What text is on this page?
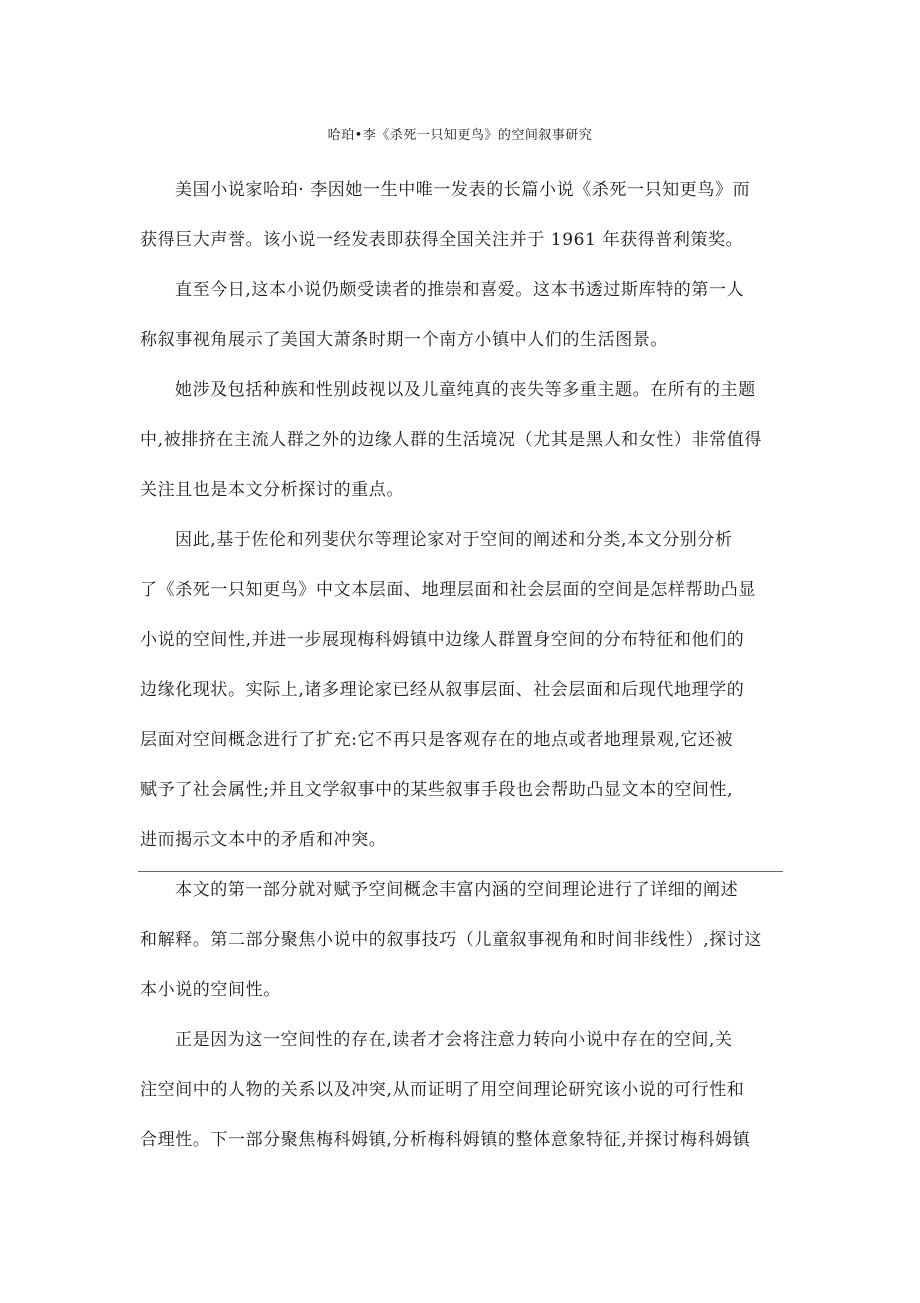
哈珀•李《杀死一只知更鸟》的空间叙事研究
美国小说家哈珀· 李因她一生中唯一发表的长篇小说《杀死一只知更鸟》而
获得巨大声誉。该小说一经发表即获得全国关注并于 1961 年获得普利策奖。
直至今日,这本小说仍颇受读者的推崇和喜爱。这本书透过斯库特的第一人
称叙事视角展示了美国大萧条时期一个南方小镇中人们的生活图景。
她涉及包括种族和性别歧视以及儿童纯真的丧失等多重主题。在所有的主题
中,被排挤在主流人群之外的边缘人群的生活境况（尤其是黑人和女性）非常值得
关注且也是本文分析探讨的重点。
因此,基于佐伦和列斐伏尔等理论家对于空间的阐述和分类,本文分别分析
了《杀死一只知更鸟》中文本层面、地理层面和社会层面的空间是怎样帮助凸显
小说的空间性,并进一步展现梅科姆镇中边缘人群置身空间的分布特征和他们的
边缘化现状。实际上,诸多理论家已经从叙事层面、社会层面和后现代地理学的
层面对空间概念进行了扩充:它不再只是客观存在的地点或者地理景观,它还被
赋予了社会属性;并且文学叙事中的某些叙事手段也会帮助凸显文本的空间性,
进而揭示文本中的矛盾和冲突。
本文的第一部分就对赋予空间概念丰富内涵的空间理论进行了详细的阐述
和解释。第二部分聚焦小说中的叙事技巧（儿童叙事视角和时间非线性）,探讨这
本小说的空间性。
正是因为这一空间性的存在,读者才会将注意力转向小说中存在的空间,关
注空间中的人物的关系以及冲突,从而证明了用空间理论研究该小说的可行性和
合理性。下一部分聚焦梅科姆镇,分析梅科姆镇的整体意象特征,并探讨梅科姆镇
